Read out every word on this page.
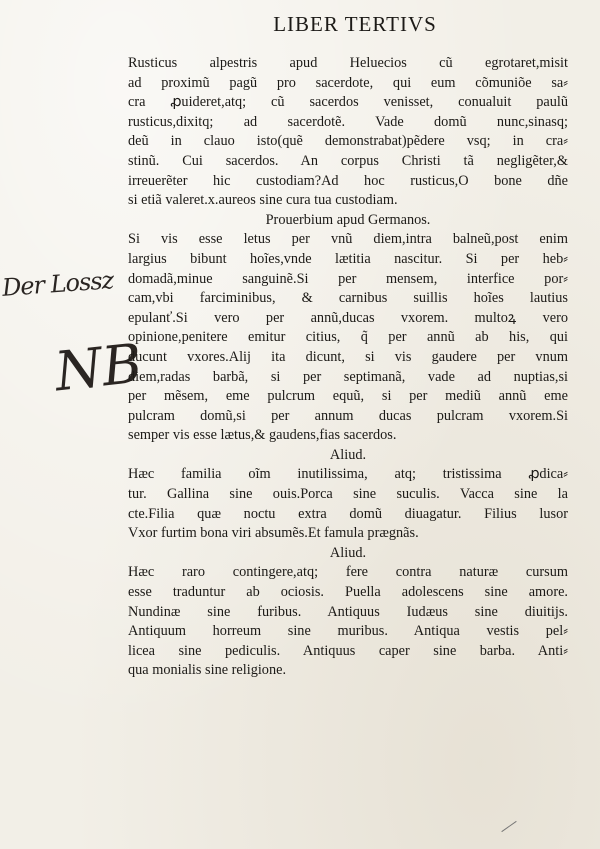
LIBER TERTIVS
Der Lossz
NB
Rusticus alpestris apud Heluecios cũ egrotaret,misit
ad proximũ pagũ pro sacerdote, qui eum cõmuniõe sa⸗
cra ꝓuideret,atq; cũ sacerdos venisset, conualuit paulũ
rusticus,dixitq; ad sacerdotẽ. Vade domũ nunc,sinasq;
deũ in clauo isto(quẽ demonstrabat)pẽdere vsq; in cra⸗
stinũ. Cui sacerdos. An corpus Christi tã negligẽter,&
irreuerẽter hic custodiam?Ad hoc rusticus,O bone dñe
si etiã valeret.x.aureos sine cura tua custodiam.
Prouerbium apud Germanos.
Si vis esse letus per vnũ diem,intra balneũ,post enim
largius bibunt hoĩes,vnde lætitia nascitur. Si per heb⸗
domadã,minue sanguinẽ.Si per mensem, interfice por⸗
cam,vbi farciminibus, & carnibus suillis hoĩes lautius
epulanť.Si vero per annũ,ducas vxorem. multoꝝ vero
opinione,penitere emitur citius, q̃ per annũ ab his, qui
ducunt vxores.Alij ita dicunt, si vis gaudere per vnum
diem,radas barbã, si per septimanã, vade ad nuptias,si
per mẽsem, eme pulcrum equũ, si per mediũ annũ eme
pulcram domũ,si per annum ducas pulcram vxorem.Si
semper vis esse lætus,& gaudens,fias sacerdos.
Aliud.
Hæc familia oĩm inutilissima, atq; tristissima ꝓdica⸗
tur. Gallina sine ouis.Porca sine suculis. Vacca sine la
cte.Filia quæ noctu extra domũ diuagatur. Filius lusor
Vxor furtim bona viri absumẽs.Et famula prægnãs.
Aliud.
Hæc raro contingere,atq; fere contra naturæ cursum
esse traduntur ab ociosis. Puella adolescens sine amore.
Nundinæ sine furibus. Antiquus Iudæus sine diuitijs.
Antiquum horreum sine muribus. Antiqua vestis pel⸗
licea sine pediculis. Antiquus caper sine barba. Anti⸗
qua monialis sine religione.
